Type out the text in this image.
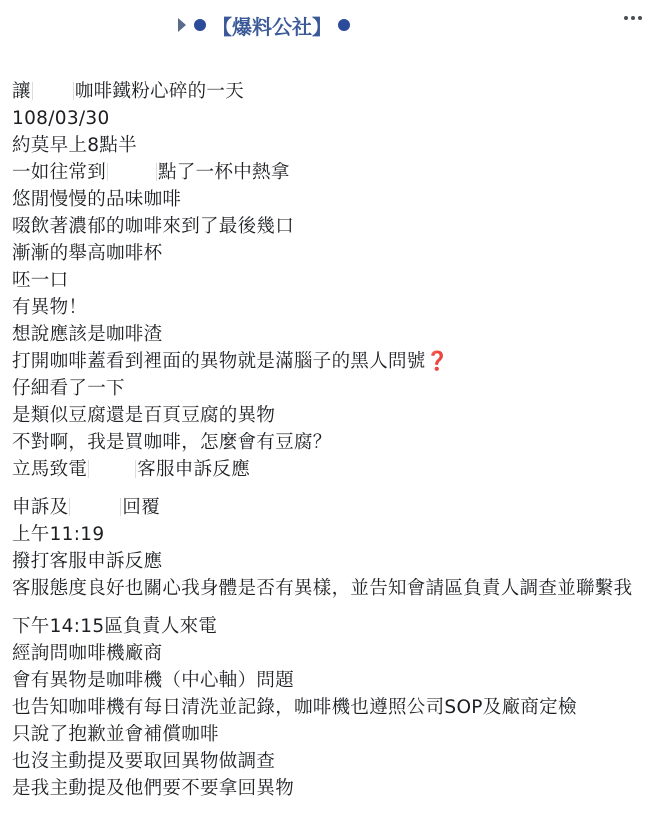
【爆料公社】
讓 咖啡鐵粉心碎的一天
108/03/30
約莫早上8點半
一如往常到	點了一杯中熱拿
悠閒慢慢的品味咖啡
啜飲著濃郁的咖啡來到了最後幾口
漸漸的舉高咖啡杯
呸一口
有異物！
想說應該是咖啡渣
打開咖啡蓋看到裡面的異物就是滿腦子的黑人問號❓
仔細看了一下
是類似豆腐還是百頁豆腐的異物
不對啊，我是買咖啡，怎麼會有豆腐？
立馬致電	客服申訴反應
申訴及	回覆
上午11:19
撥打客服申訴反應
客服態度良好也關心我身體是否有異樣，並告知會請區負責人調查並聯繫我
下午14:15區負責人來電
經詢問咖啡機廠商
會有異物是咖啡機（中心軸）問題
也告知咖啡機有每日清洗並記錄，咖啡機也遵照公司SOP及廠商定檢
只說了抱歉並會補償咖啡
也沒主動提及要取回異物做調查
是我主動提及他們要不要拿回異物
